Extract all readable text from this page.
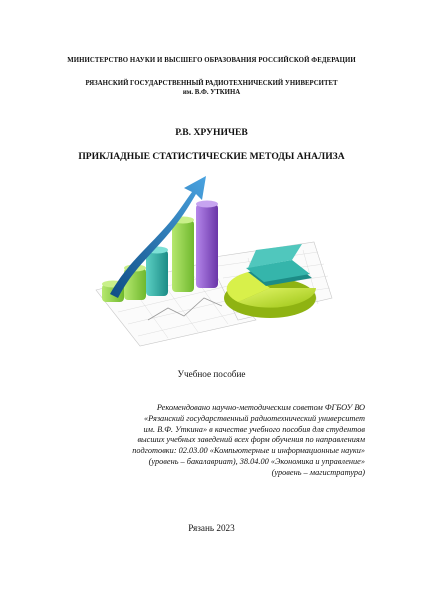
МИНИСТЕРСТВО НАУКИ И ВЫСШЕГО ОБРАЗОВАНИЯ РОССИЙСКОЙ ФЕДЕРАЦИИ
РЯЗАНСКИЙ ГОСУДАРСТВЕННЫЙ РАДИОТЕХНИЧЕСКИЙ УНИВЕРСИТЕТ
им. В.Ф. УТКИНА
Р.В. ХРУНИЧЕВ
ПРИКЛАДНЫЕ СТАТИСТИЧЕСКИЕ МЕТОДЫ АНАЛИЗА
Учебное пособие
Рекомендовано научно-методическим советом ФГБОУ ВО
«Рязанский государственный радиотехнический университет
им. В.Ф. Уткина» в качестве учебного пособия для студентов
высших учебных заведений всех форм обучения по направлениям
подготовки: 02.03.00 «Компьютерные и информационные науки»
(уровень – бакалавриат), 38.04.00 «Экономика и управление»
(уровень – магистратура)
Рязань 2023
